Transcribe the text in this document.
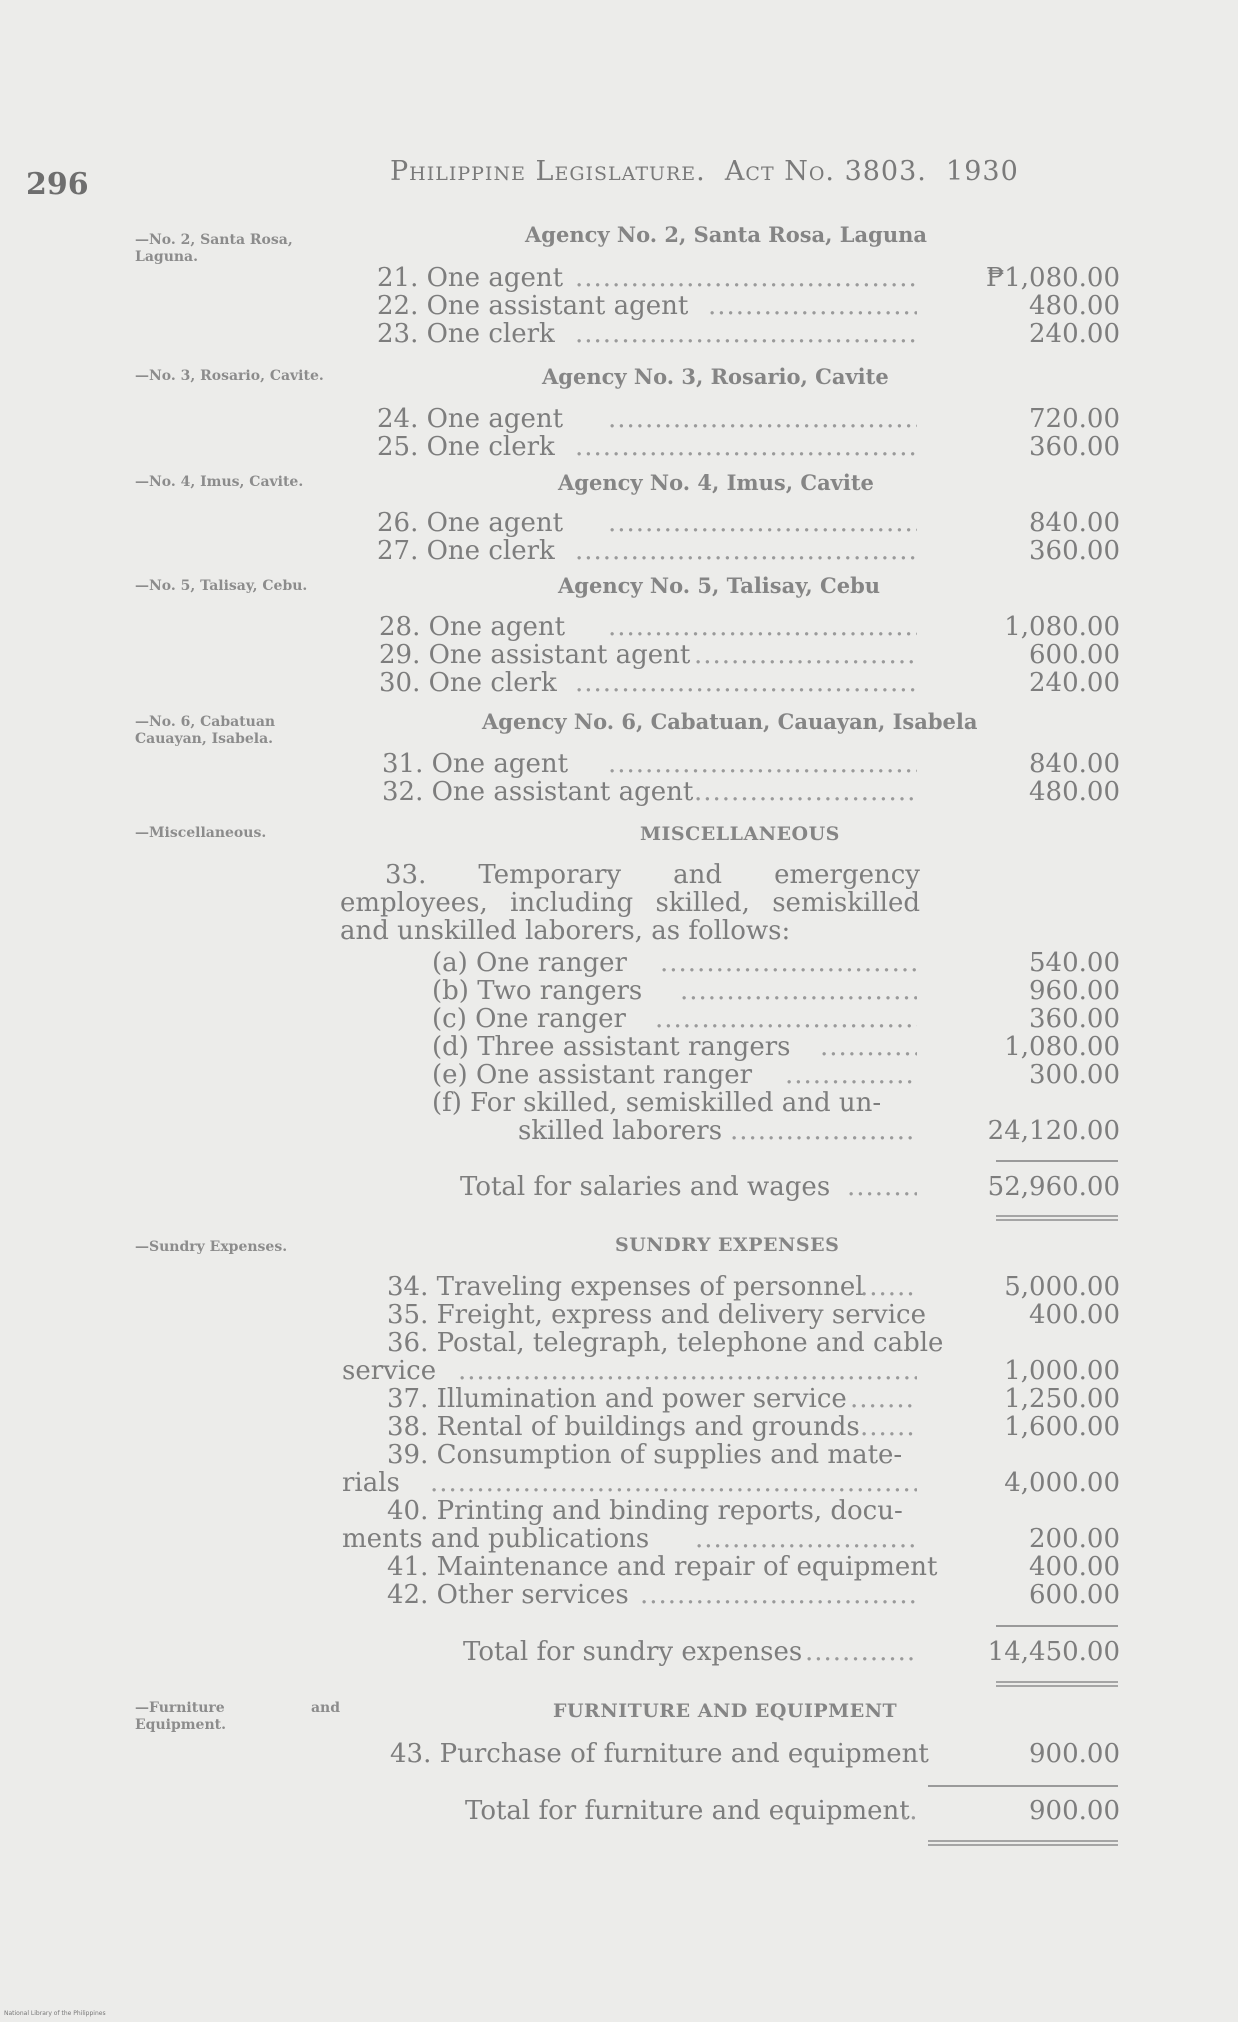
296	Philippine Legislature.  Act No. 3803.  1930
—No. 2, Santa Rosa, Laguna.
—No. 3, Rosario, Cavite.
—No. 4, Imus, Cavite.
—No. 5, Talisay, Cebu.
—No. 6, Cabatuan Cauayan, Isabela.
—Miscellaneous.
—Sundry Expenses.
—Furniture	and
Equipment.
Agency No. 2, Santa Rosa, Laguna
21. One agent .....	₱1,080.00
22. One assistant agent .....	480.00
23. One clerk .....	240.00
Agency No. 3, Rosario, Cavite
24. One agent .....	720.00
25. One clerk .....	360.00
Agency No. 4, Imus, Cavite
26. One agent .....	840.00
27. One clerk .....	360.00
Agency No. 5, Talisay, Cebu
28. One agent .....	1,080.00
29. One assistant agent .....	600.00
30. One clerk .....	240.00
Agency No. 6, Cabatuan, Cauayan, Isabela
31. One agent .....	840.00
32. One assistant agent .....	480.00
MISCELLANEOUS
33. Temporary and emergency employees, including skilled, semiskilled and unskilled laborers, as follows:
(a) One ranger .....	540.00
(b) Two rangers .....	960.00
(c) One ranger .....	360.00
(d) Three assistant rangers .....	1,080.00
(e) One assistant ranger .....	300.00
(f) For skilled, semiskilled and un-
skilled laborers .....	24,120.00
Total for salaries and wages .....	52,960.00
SUNDRY EXPENSES
34. Traveling expenses of personnel .....	5,000.00
35. Freight, express and delivery service	400.00
36. Postal, telegraph, telephone and cable
service .....	1,000.00
37. Illumination and power service .....	1,250.00
38. Rental of buildings and grounds .....	1,600.00
39. Consumption of supplies and mate-
rials .....	4,000.00
40. Printing and binding reports, docu-
ments and publications .....	200.00
41. Maintenance and repair of equipment	400.00
42. Other services .....	600.00
Total for sundry expenses .....	14,450.00
FURNITURE AND EQUIPMENT
43. Purchase of furniture and equipment	900.00
Total for furniture and equipment .....	900.00
National Library of the Philippines
